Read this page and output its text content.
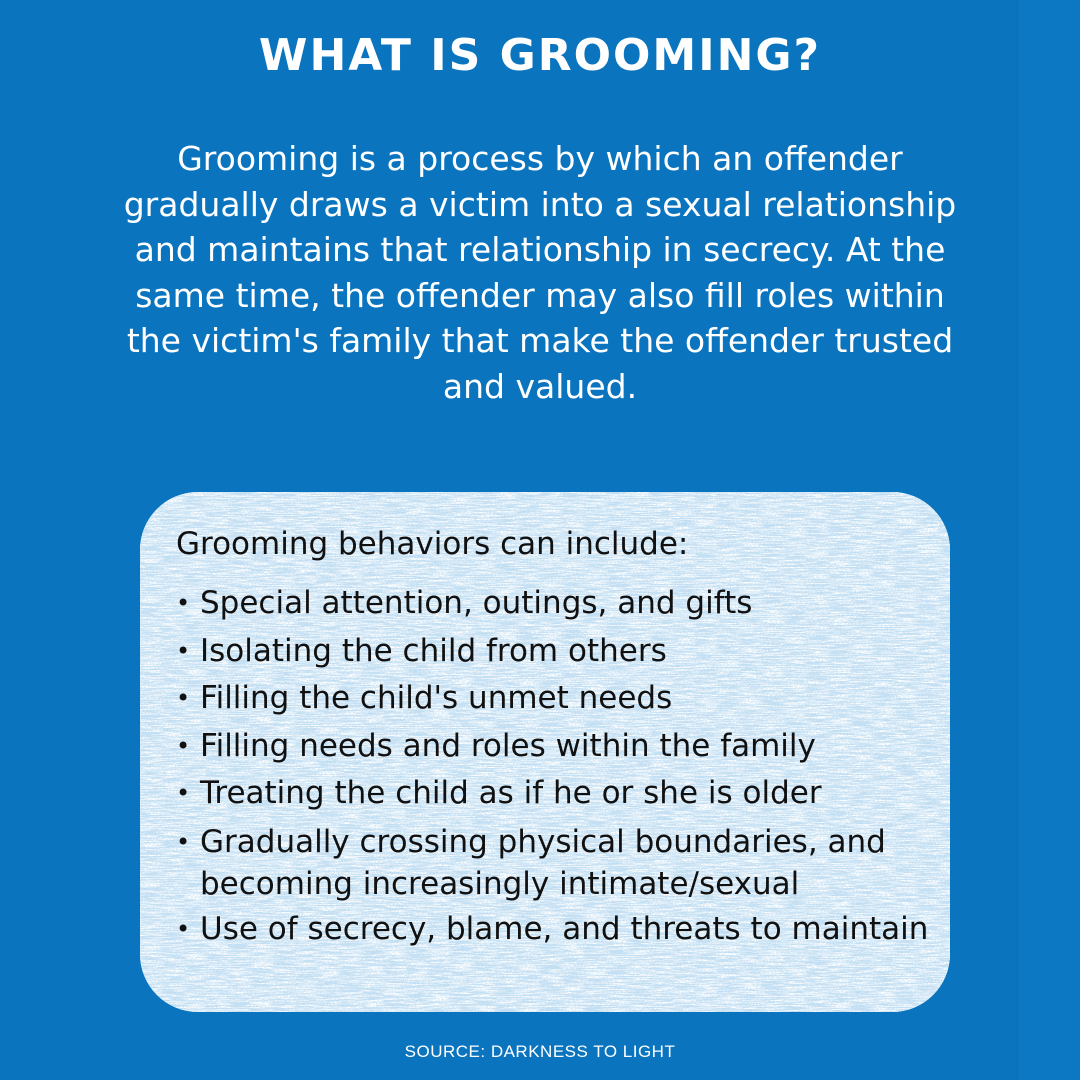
WHAT IS GROOMING?

Grooming is a process by which an offender gradually draws a victim into a sexual relationship and maintains that relationship in secrecy. At the same time, the offender may also fill roles within the victim's family that make the offender trusted and valued.

Grooming behaviors can include:
• Special attention, outings, and gifts
• Isolating the child from others
• Filling the child's unmet needs
• Filling needs and roles within the family
• Treating the child as if he or she is older
• Gradually crossing physical boundaries, and becoming increasingly intimate/sexual
• Use of secrecy, blame, and threats to maintain

SOURCE: DARKNESS TO LIGHT
